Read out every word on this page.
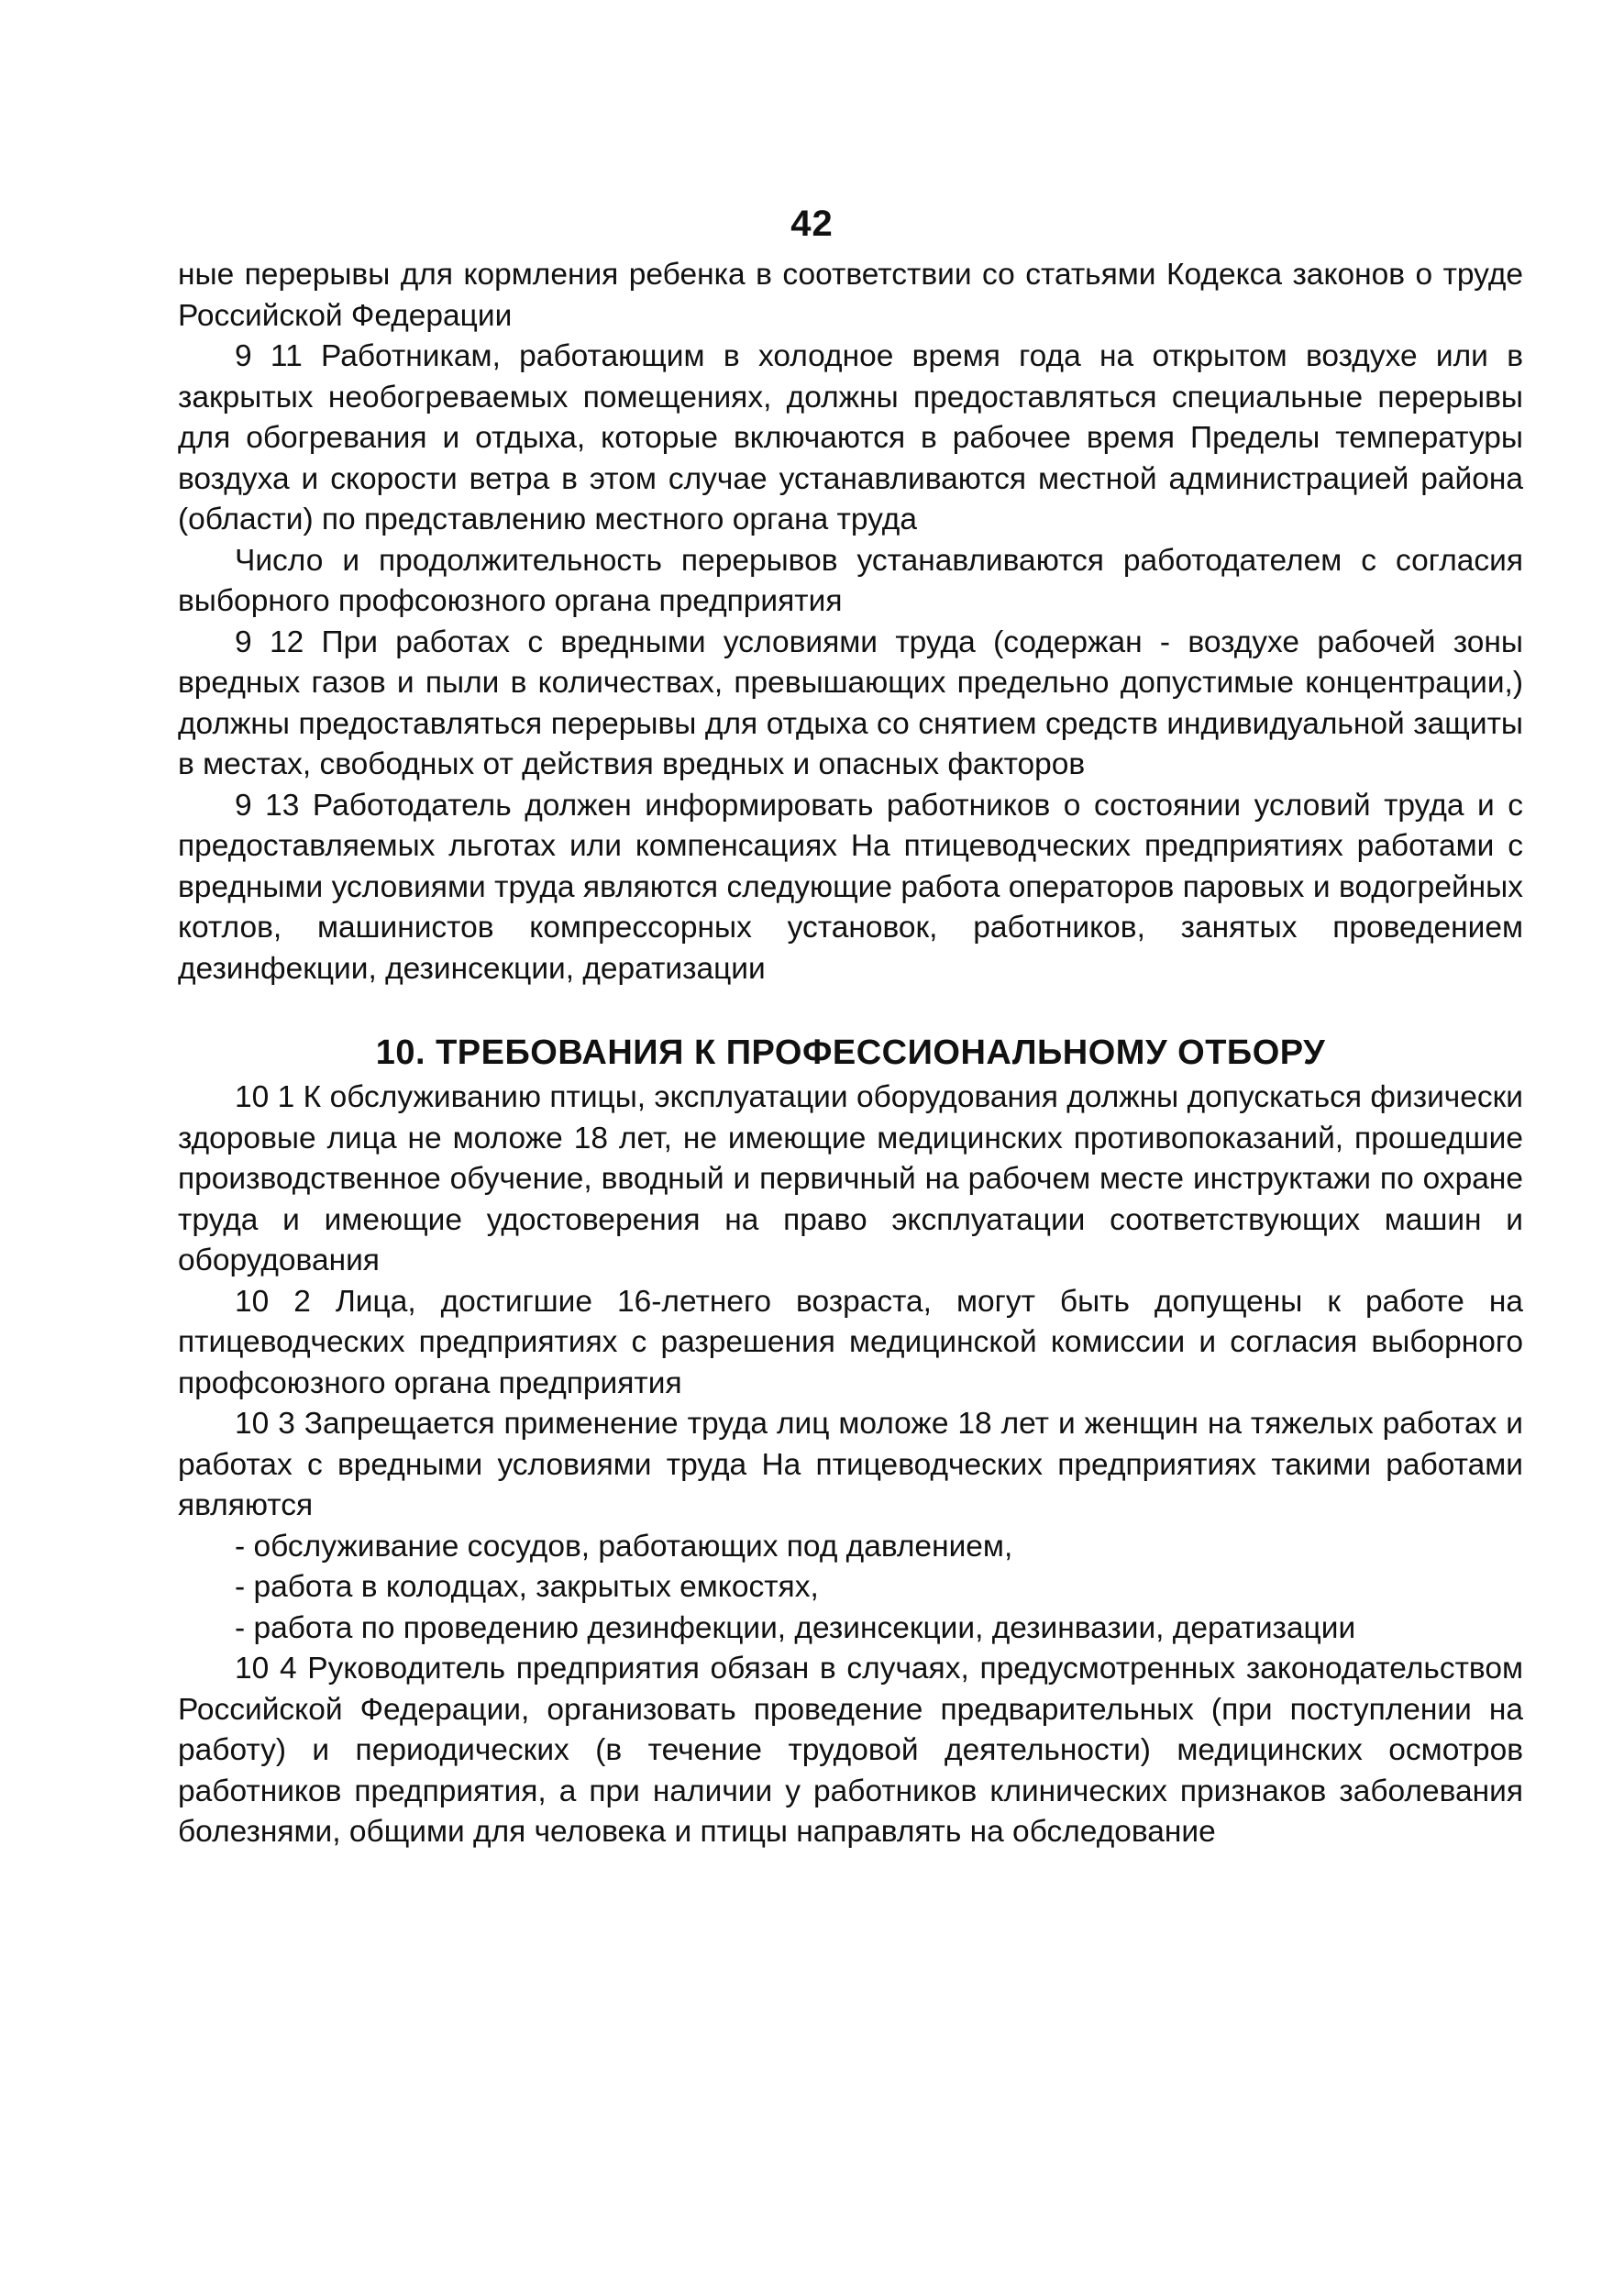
42

ные перерывы для кормления ребенка в соответствии со статьями Кодекса законов о труде Российской Федерации

9 11 Работникам, работающим в холодное время года на открытом воздухе или в закрытых необогреваемых помещениях, должны предоставляться специальные перерывы для обогревания и отдыха, которые включаются в рабочее время Пределы температуры воздуха и скорости ветра в этом случае устанавливаются местной администрацией района (области) по представлению местного органа труда

Число и продолжительность перерывов устанавливаются работодателем с согласия выборного профсоюзного органа предприятия

9 12 При работах с вредными условиями труда (содержан - воздухе рабочей зоны вредных газов и пыли в количествах, превышающих предельно допустимые концентрации,) должны предоставляться перерывы для отдыха со снятием средств индивидуальной защиты в местах, свободных от действия вредных и опасных факторов

9 13 Работодатель должен информировать работников о состоянии условий труда и с предоставляемых льготах или компенсациях На птицеводческих предприятиях работами с вредными условиями труда являются следующие работа операторов паровых и водогрейных котлов, машинистов компрессорных установок, работников, занятых проведением дезинфекции, дезинсекции, дератизации

10. ТРЕБОВАНИЯ К ПРОФЕССИОНАЛЬНОМУ ОТБОРУ

10 1 К обслуживанию птицы, эксплуатации оборудования должны допускаться физически здоровые лица не моложе 18 лет, не имеющие медицинских противопоказаний, прошедшие производственное обучение, вводный и первичный на рабочем месте инструктажи по охране труда и имеющие удостоверения на право эксплуатации соответствующих машин и оборудования

10 2 Лица, достигшие 16-летнего возраста, могут быть допущены к работе на птицеводческих предприятиях с разрешения медицинской комиссии и согласия выборного профсоюзного органа предприятия

10 3 Запрещается применение труда лиц моложе 18 лет и женщин на тяжелых работах и работах с вредными условиями труда На птицеводческих предприятиях такими работами являются

- обслуживание сосудов, работающих под давлением,

- работа в колодцах, закрытых емкостях,

- работа по проведению дезинфекции, дезинсекции, дезинвазии, дератизации

10 4 Руководитель предприятия обязан в случаях, предусмотренных законодательством Российской Федерации, организовать проведение предварительных (при поступлении на работу) и периодических (в течение трудовой деятельности) медицинских осмотров работников предприятия, а при наличии у работников клинических признаков заболевания болезнями, общими для человека и птицы направлять на обследование
